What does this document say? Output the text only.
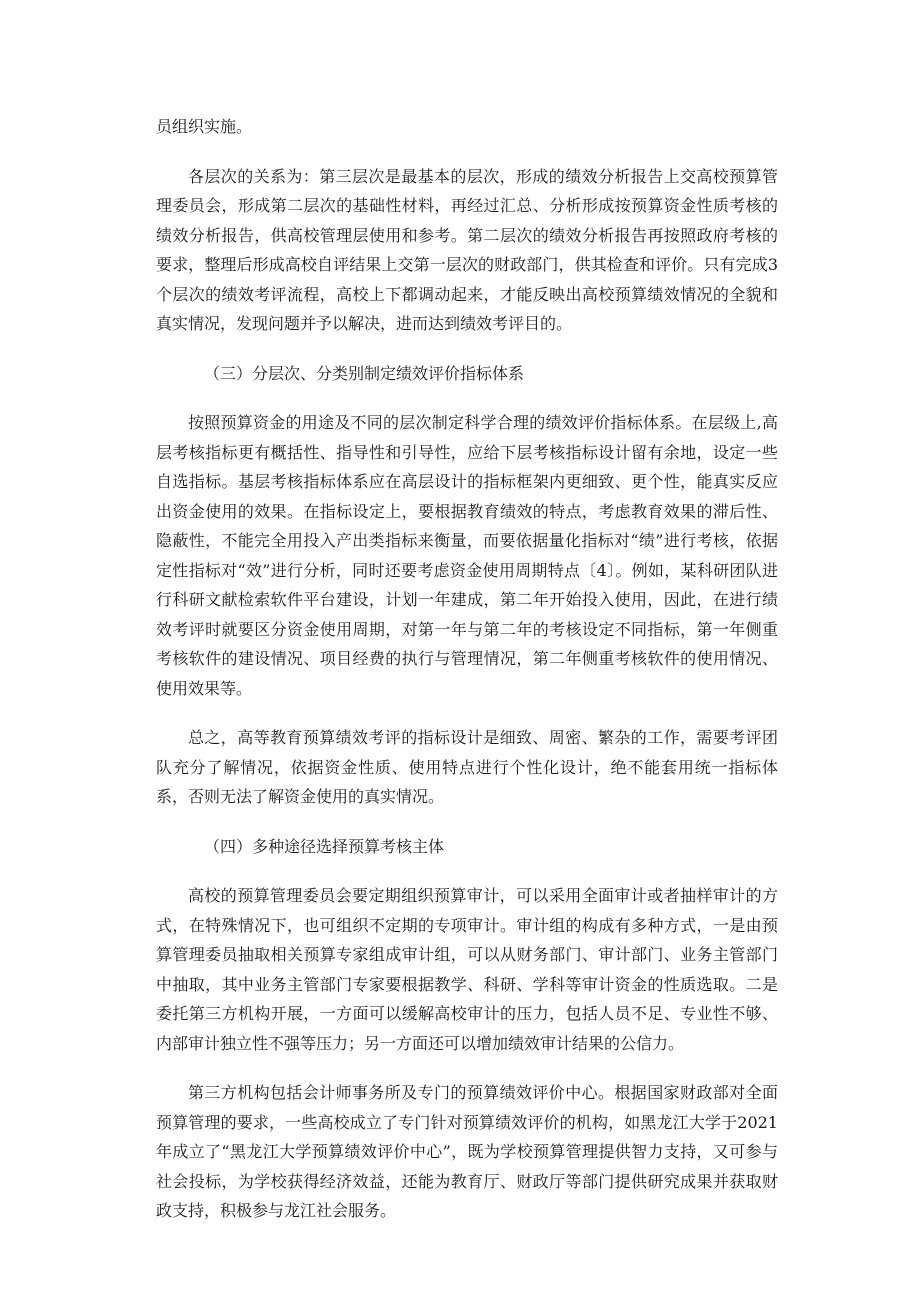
员组织实施。

各层次的关系为：第三层次是最基本的层次，形成的绩效分析报告上交高校预算管理委员会，形成第二层次的基础性材料，再经过汇总、分析形成按预算资金性质考核的绩效分析报告，供高校管理层使用和参考。第二层次的绩效分析报告再按照政府考核的要求，整理后形成高校自评结果上交第一层次的财政部门，供其检查和评价。只有完成3个层次的绩效考评流程，高校上下都调动起来，才能反映出高校预算绩效情况的全貌和真实情况，发现问题并予以解决，进而达到绩效考评目的。

（三）分层次、分类别制定绩效评价指标体系

按照预算资金的用途及不同的层次制定科学合理的绩效评价指标体系。在层级上,高层考核指标更有概括性、指导性和引导性，应给下层考核指标设计留有余地，设定一些自选指标。基层考核指标体系应在高层设计的指标框架内更细致、更个性，能真实反应出资金使用的效果。在指标设定上，要根据教育绩效的特点，考虑教育效果的滞后性、隐蔽性，不能完全用投入产出类指标来衡量，而要依据量化指标对“绩”进行考核，依据定性指标对“效”进行分析，同时还要考虑资金使用周期特点〔4〕。例如，某科研团队进行科研文献检索软件平台建设，计划一年建成，第二年开始投入使用，因此，在进行绩效考评时就要区分资金使用周期，对第一年与第二年的考核设定不同指标，第一年侧重考核软件的建设情况、项目经费的执行与管理情况，第二年侧重考核软件的使用情况、使用效果等。

总之，高等教育预算绩效考评的指标设计是细致、周密、繁杂的工作，需要考评团队充分了解情况，依据资金性质、使用特点进行个性化设计，绝不能套用统一指标体系，否则无法了解资金使用的真实情况。

（四）多种途径选择预算考核主体

高校的预算管理委员会要定期组织预算审计，可以采用全面审计或者抽样审计的方式，在特殊情况下，也可组织不定期的专项审计。审计组的构成有多种方式，一是由预算管理委员抽取相关预算专家组成审计组，可以从财务部门、审计部门、业务主管部门中抽取，其中业务主管部门专家要根据教学、科研、学科等审计资金的性质选取。二是委托第三方机构开展，一方面可以缓解高校审计的压力，包括人员不足、专业性不够、内部审计独立性不强等压力；另一方面还可以增加绩效审计结果的公信力。

第三方机构包括会计师事务所及专门的预算绩效评价中心。根据国家财政部对全面预算管理的要求，一些高校成立了专门针对预算绩效评价的机构，如黑龙江大学于2021年成立了“黑龙江大学预算绩效评价中心”，既为学校预算管理提供智力支持，又可参与社会投标，为学校获得经济效益，还能为教育厅、财政厅等部门提供研究成果并获取财政支持，积极参与龙江社会服务。
